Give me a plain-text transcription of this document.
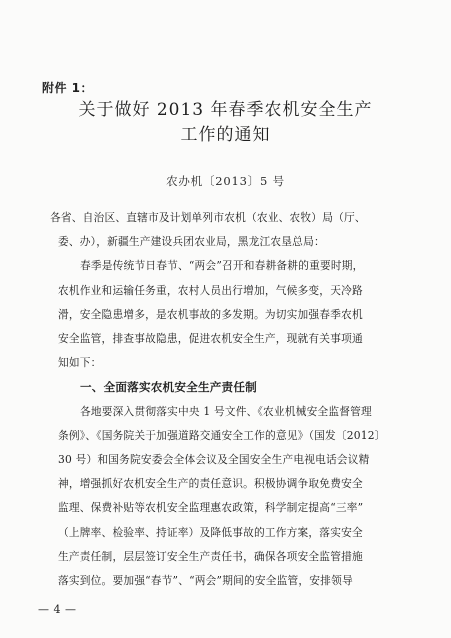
附件 1：
关于做好 2013 年春季农机安全生产
工作的通知
农办机〔2013〕5 号
各省、自治区、直辖市及计划单列市农机（农业、农牧）局（厅、
委、办），新疆生产建设兵团农业局，黑龙江农垦总局：
春季是传统节日春节、“两会”召开和春耕备耕的重要时期，
农机作业和运输任务重，农村人员出行增加，气候多变，天冷路
滑，安全隐患增多，是农机事故的多发期。为切实加强春季农机
安全监管，排查事故隐患，促进农机安全生产，现就有关事项通
知如下：
一、全面落实农机安全生产责任制
各地要深入贯彻落实中央 1 号文件、《农业机械安全监督管理
条例》、《国务院关于加强道路交通安全工作的意见》（国发〔2012〕
30 号）和国务院安委会全体会议及全国安全生产电视电话会议精
神，增强抓好农机安全生产的责任意识。积极协调争取免费安全
监理、保费补贴等农机安全监理惠农政策，科学制定提高“三率”
（上牌率、检验率、持证率）及降低事故的工作方案，落实安全
生产责任制，层层签订安全生产责任书，确保各项安全监管措施
落实到位。要加强“春节”、“两会”期间的安全监管，安排领导
— 4 —
